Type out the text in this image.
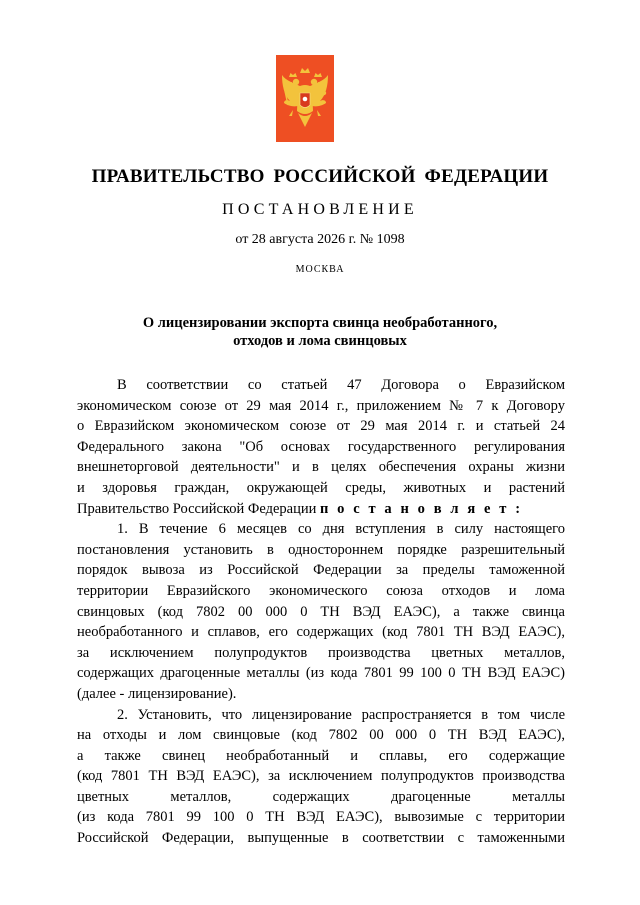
ПРАВИТЕЛЬСТВО РОССИЙСКОЙ ФЕДЕРАЦИИ
ПОСТАНОВЛЕНИЕ
от 28 августа 2026 г. № 1098
МОСКВА
О лицензировании экспорта свинца необработанного,
отходов и лома свинцовых
В соответствии со статьей 47 Договора о Евразийском
экономическом союзе от 29 мая 2014 г., приложением № 7 к Договору
о Евразийском экономическом союзе от 29 мая 2014 г. и статьей 24
Федерального закона "Об основах государственного регулирования
внешнеторговой деятельности" и в целях обеспечения охраны жизни
и здоровья граждан, окружающей среды, животных и растений
Правительство Российской Федерации п о с т а н о в л я е т :
1. В течение 6 месяцев со дня вступления в силу настоящего
постановления установить в одностороннем порядке разрешительный
порядок вывоза из Российской Федерации за пределы таможенной
территории Евразийского экономического союза отходов и лома
свинцовых (код 7802 00 000 0 ТН ВЭД ЕАЭС), а также свинца
необработанного и сплавов, его содержащих (код 7801 ТН ВЭД ЕАЭС),
за исключением полупродуктов производства цветных металлов,
содержащих драгоценные металлы (из кода 7801 99 100 0 ТН ВЭД ЕАЭС)
(далее - лицензирование).
2. Установить, что лицензирование распространяется в том числе
на отходы и лом свинцовые (код 7802 00 000 0 ТН ВЭД ЕАЭС),
а также свинец необработанный и сплавы, его содержащие
(код 7801 ТН ВЭД ЕАЭС), за исключением полупродуктов производства
цветных металлов, содержащих драгоценные металлы
(из кода 7801 99 100 0 ТН ВЭД ЕАЭС), вывозимые с территории
Российской Федерации, выпущенные в соответствии с таможенными
